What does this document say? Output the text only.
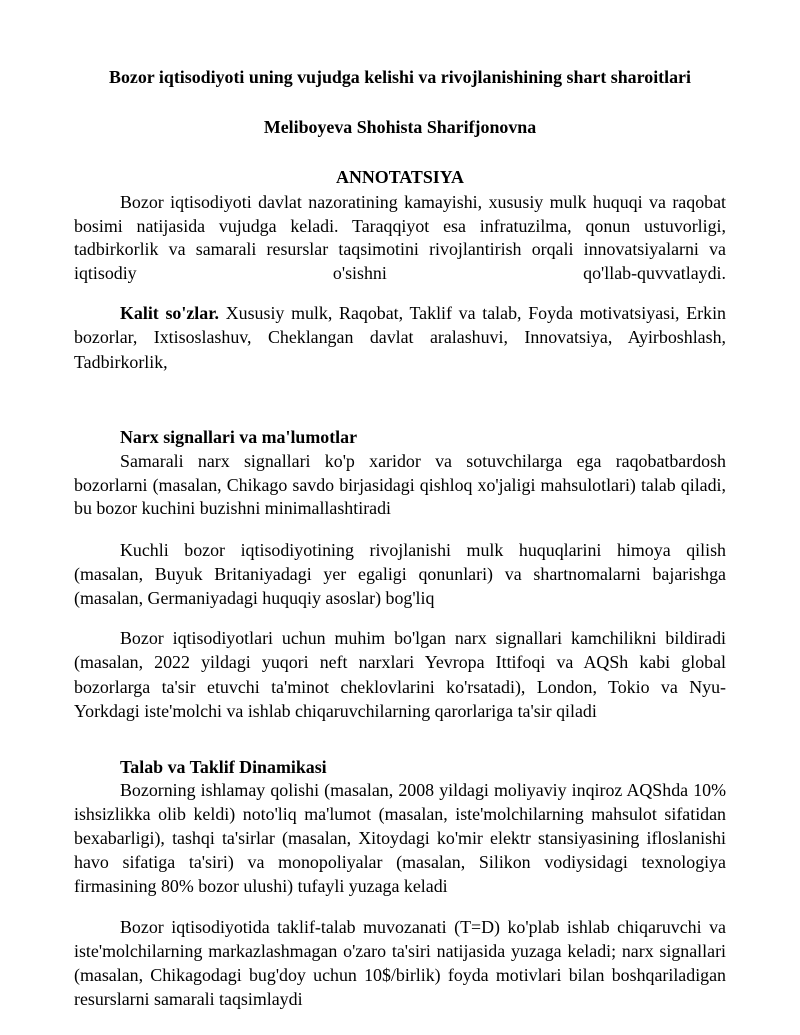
Bozor iqtisodiyoti uning vujudga kelishi va rivojlanishining shart sharoitlari
Meliboyeva Shohista Sharifjonovna
ANNOTATSIYA
Bozor iqtisodiyoti davlat nazoratining kamayishi, xususiy mulk huquqi va raqobat
bosimi natijasida vujudga keladi. Taraqqiyot esa infratuzilma, qonun ustuvorligi,
tadbirkorlik va samarali resurslar taqsimotini rivojlantirish orqali innovatsiyalarni va
iqtisodiy o'sishni qo'llab-quvvatlaydi.
Kalit so'zlar. Xususiy mulk, Raqobat, Taklif va talab, Foyda motivatsiyasi, Erkin
bozorlar, Ixtisoslashuv, Cheklangan davlat aralashuvi, Innovatsiya, Ayirboshlash,
Tadbirkorlik,
Narx signallari va ma'lumotlar
Samarali narx signallari ko'p xaridor va sotuvchilarga ega raqobatbardosh
bozorlarni (masalan, Chikago savdo birjasidagi qishloq xo'jaligi mahsulotlari) talab qiladi,
bu bozor kuchini buzishni minimallashtiradi
Kuchli bozor iqtisodiyotining rivojlanishi mulk huquqlarini himoya qilish
(masalan, Buyuk Britaniyadagi yer egaligi qonunlari) va shartnomalarni bajarishga
(masalan, Germaniyadagi huquqiy asoslar) bog'liq
Bozor iqtisodiyotlari uchun muhim bo'lgan narx signallari kamchilikni bildiradi
(masalan, 2022 yildagi yuqori neft narxlari Yevropa Ittifoqi va AQSh kabi global
bozorlarga ta'sir etuvchi ta'minot cheklovlarini ko'rsatadi), London, Tokio va Nyu-
Yorkdagi iste'molchi va ishlab chiqaruvchilarning qarorlariga ta'sir qiladi
Talab va Taklif Dinamikasi
Bozorning ishlamay qolishi (masalan, 2008 yildagi moliyaviy inqiroz AQShda 10%
ishsizlikka olib keldi) noto'liq ma'lumot (masalan, iste'molchilarning mahsulot sifatidan
bexabarligi), tashqi ta'sirlar (masalan, Xitoydagi ko'mir elektr stansiyasining ifloslanishi
havo sifatiga ta'siri) va monopoliyalar (masalan, Silikon vodiysidagi texnologiya
firmasining 80% bozor ulushi) tufayli yuzaga keladi
Bozor iqtisodiyotida taklif-talab muvozanati (T=D) ko'plab ishlab chiqaruvchi va
iste'molchilarning markazlashmagan o'zaro ta'siri natijasida yuzaga keladi; narx signallari
(masalan, Chikagodagi bug'doy uchun 10$/birlik) foyda motivlari bilan boshqariladigan
resurslarni samarali taqsimlaydi
